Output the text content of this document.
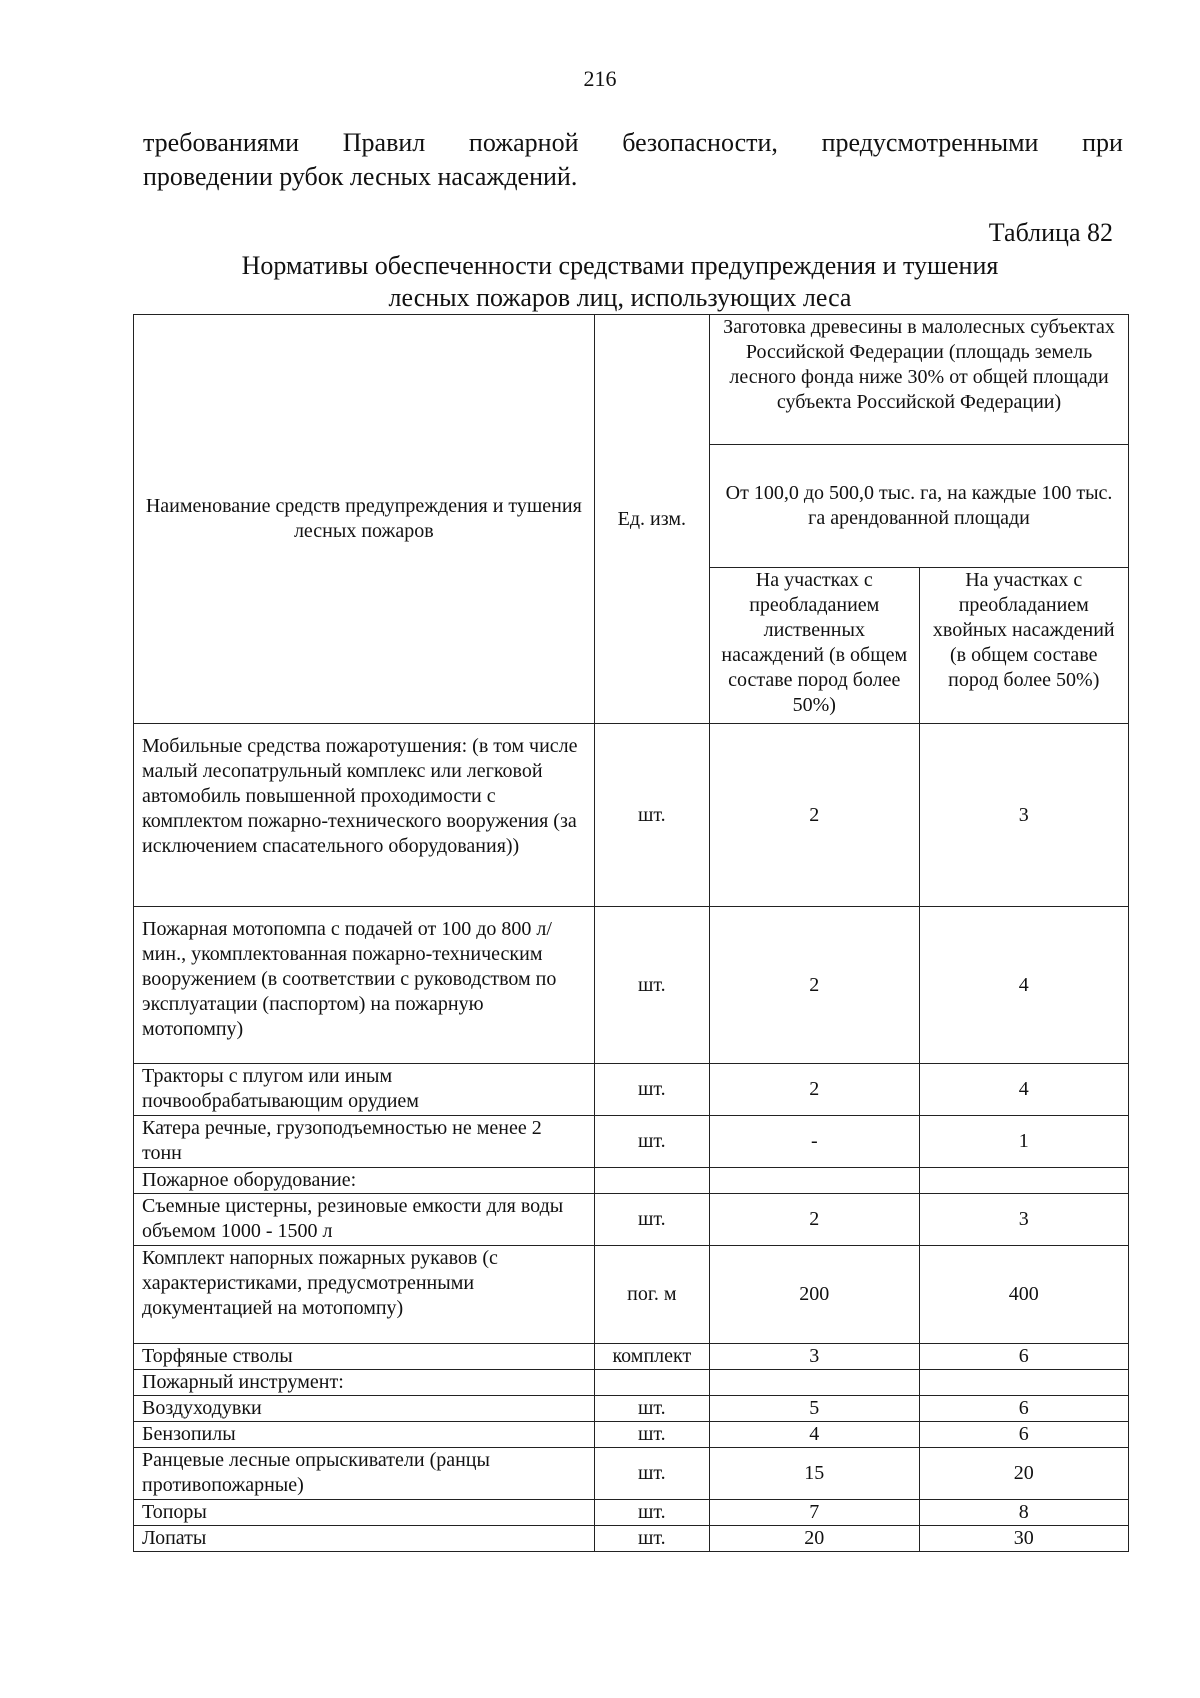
216
требованиями Правил пожарной безопасности, предусмотренными при
проведении рубок лесных насаждений.
Таблица 82
Нормативы обеспеченности средствами предупреждения и тушения
лесных пожаров лиц, использующих леса
Наименование средств предупреждения и тушения лесных пожаров	Ед. изм.	Заготовка древесины в малолесных субъектах Российской Федерации (площадь земель лесного фонда ниже 30% от общей площади субъекта Российской Федерации)	
		От 100,0 до 500,0 тыс. га, на каждые 100 тыс. га арендованной площади	
		На участках с преобладанием лиственных насаждений (в общем составе пород более 50%)	На участках с преобладанием хвойных насаждений (в общем составе пород более 50%)
Мобильные средства пожаротушения: (в том числе малый лесопатрульный комплекс или легковой автомобиль повышенной проходимости с комплектом пожарно-технического вооружения (за исключением спасательного оборудования))	шт.	2	3
Пожарная мотопомпа с подачей от 100 до 800 л/мин., укомплектованная пожарно-техническим вооружением (в соответствии с руководством по эксплуатации (паспортом) на пожарную мотопомпу)	шт.	2	4
Тракторы с плугом или иным почвообрабатывающим орудием	шт.	2	4
Катера речные, грузоподъемностью не менее 2 тонн	шт.	-	1
Пожарное оборудование:			
Съемные цистерны, резиновые емкости для воды объемом 1000 - 1500 л	шт.	2	3
Комплект напорных пожарных рукавов (с характеристиками, предусмотренными документацией на мотопомпу)	пог. м	200	400
Торфяные стволы	комплект	3	6
Пожарный инструмент:			
Воздуходувки	шт.	5	6
Бензопилы	шт.	4	6
Ранцевые лесные опрыскиватели (ранцы противопожарные)	шт.	15	20
Топоры	шт.	7	8
Лопаты	шт.	20	30
